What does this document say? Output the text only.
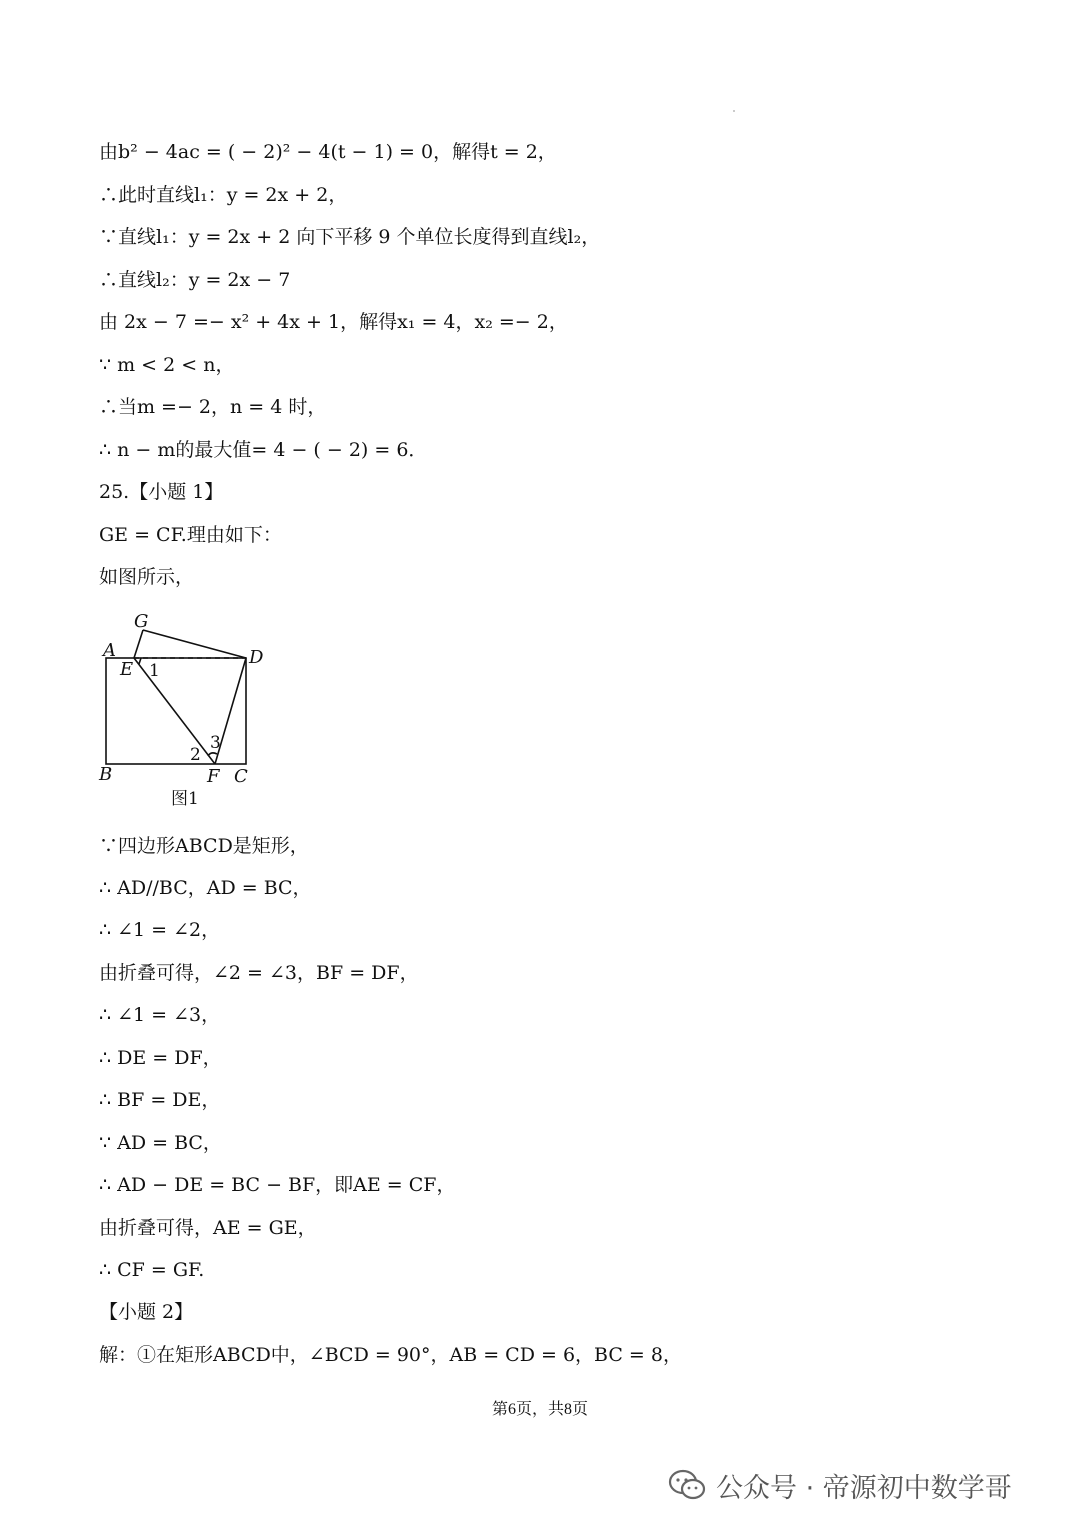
由b² − 4ac = ( − 2)² − 4(t − 1) = 0，解得t = 2，
∴此时直线l₁：y = 2x + 2，
∵直线l₁：y = 2x + 2 向下平移 9 个单位长度得到直线l₂，
∴直线l₂：y = 2x − 7
由 2x − 7 =− x² + 4x + 1，解得x₁ = 4，x₂ =− 2，
∵ m < 2 < n，
∴当m =− 2，n = 4 时，
∴ n − m的最大值= 4 − ( − 2) = 6．
25.【小题 1】
GE = CF.理由如下：
如图所示，
G
A
E
D
B	F C
1
2
3
图1
∵四边形ABCD是矩形，
∴ AD//BC，AD = BC，
∴ ∠1 = ∠2，
由折叠可得，∠2 = ∠3，BF = DF，
∴ ∠1 = ∠3，
∴ DE = DF，
∴ BF = DE，
∵ AD = BC，
∴ AD − DE = BC − BF，即AE = CF，
由折叠可得，AE = GE，
∴ CF = GF.
【小题 2】
解：①在矩形ABCD中，∠BCD = 90°，AB = CD = 6，BC = 8，
第6页，共8页
公众号 · 帝源初中数学哥
